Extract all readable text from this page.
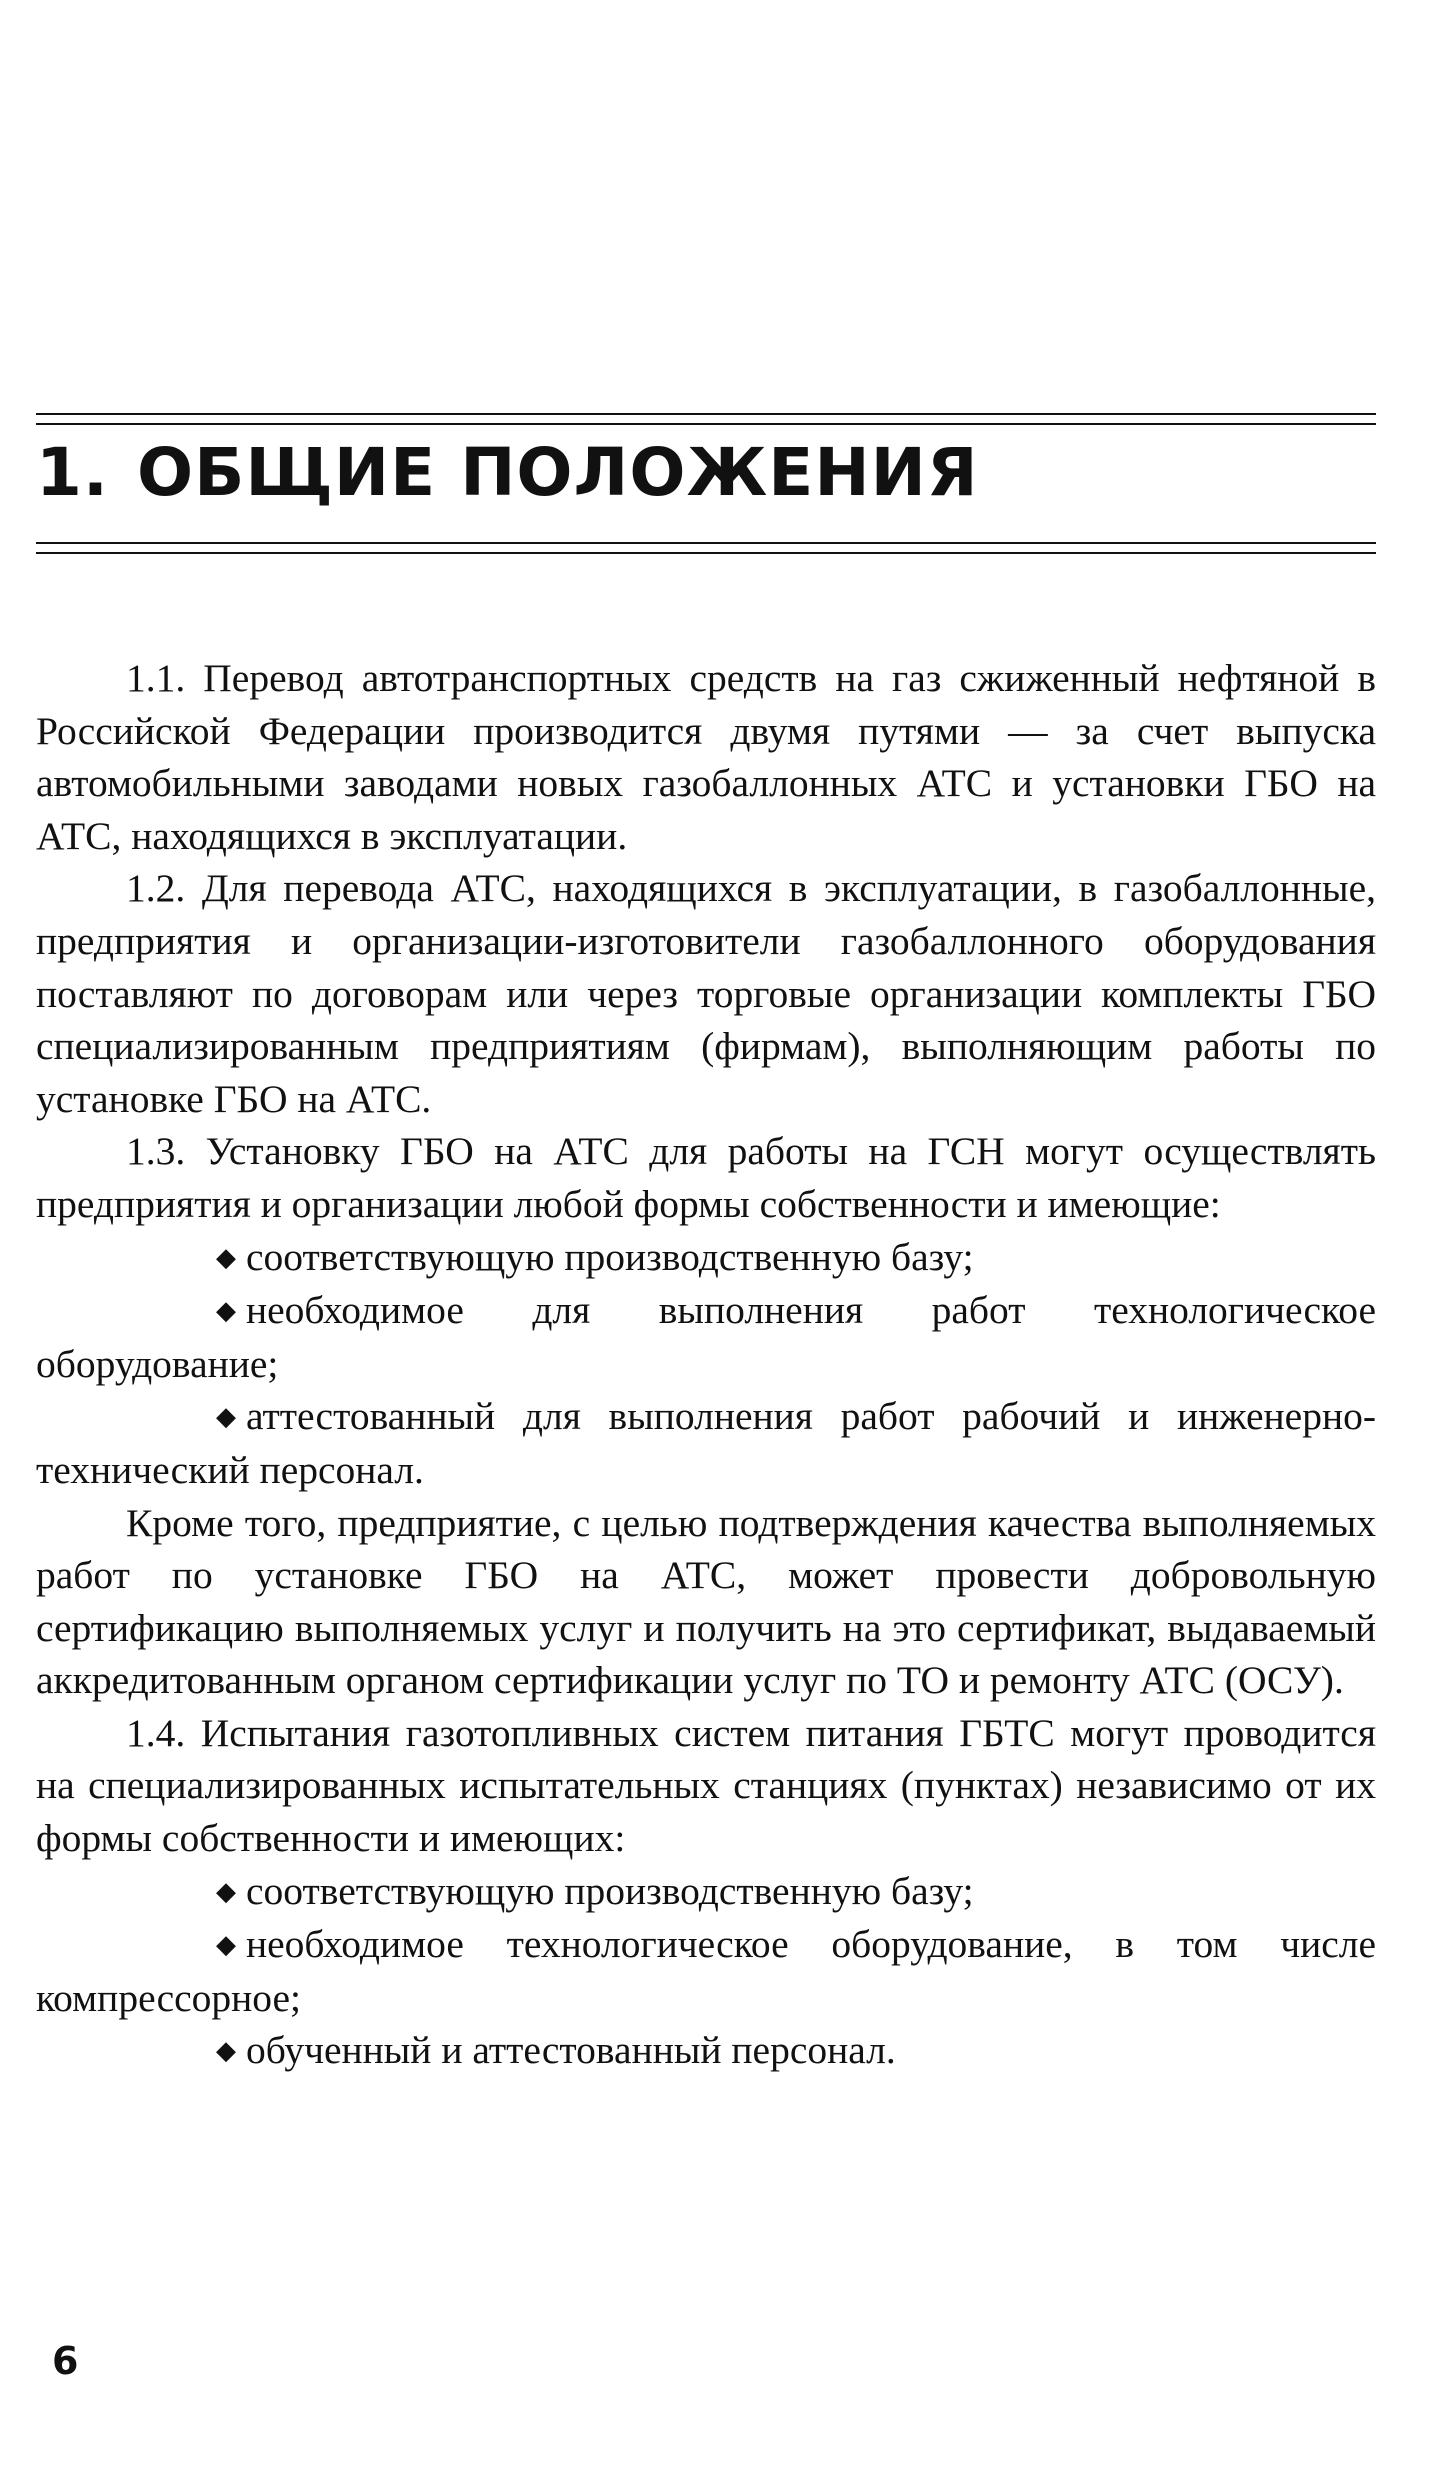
1. ОБЩИЕ ПОЛОЖЕНИЯ

1.1. Перевод автотранспортных средств на газ сжиженный нефтяной в Российской Федерации производится двумя путями — за счет выпуска автомобильными заводами новых газобаллонных АТС и установки ГБО на АТС, находящихся в эксплуатации.

1.2. Для перевода АТС, находящихся в эксплуатации, в газобаллонные, предприятия и организации-изготовители газобаллонного оборудования поставляют по договорам или через торговые организации комплекты ГБО специализированным предприятиям (фирмам), выполняющим работы по установке ГБО на АТС.

1.3. Установку ГБО на АТС для работы на ГСН могут осуществлять предприятия и организации любой формы собственности и имеющие:

◆ соответствующую производственную базу;

◆ необходимое для выполнения работ технологическое оборудование;

◆ аттестованный для выполнения работ рабочий и инженерно-технический персонал.

Кроме того, предприятие, с целью подтверждения качества выполняемых работ по установке ГБО на АТС, может провести добровольную сертификацию выполняемых услуг и получить на это сертификат, выдаваемый аккредитованным органом сертификации услуг по ТО и ремонту АТС (ОСУ).

1.4. Испытания газотопливных систем питания ГБТС могут проводится на специализированных испытательных станциях (пунктах) независимо от их формы собственности и имеющих:

◆ соответствующую производственную базу;

◆ необходимое технологическое оборудование, в том числе компрессорное;

◆ обученный и аттестованный персонал.

6
